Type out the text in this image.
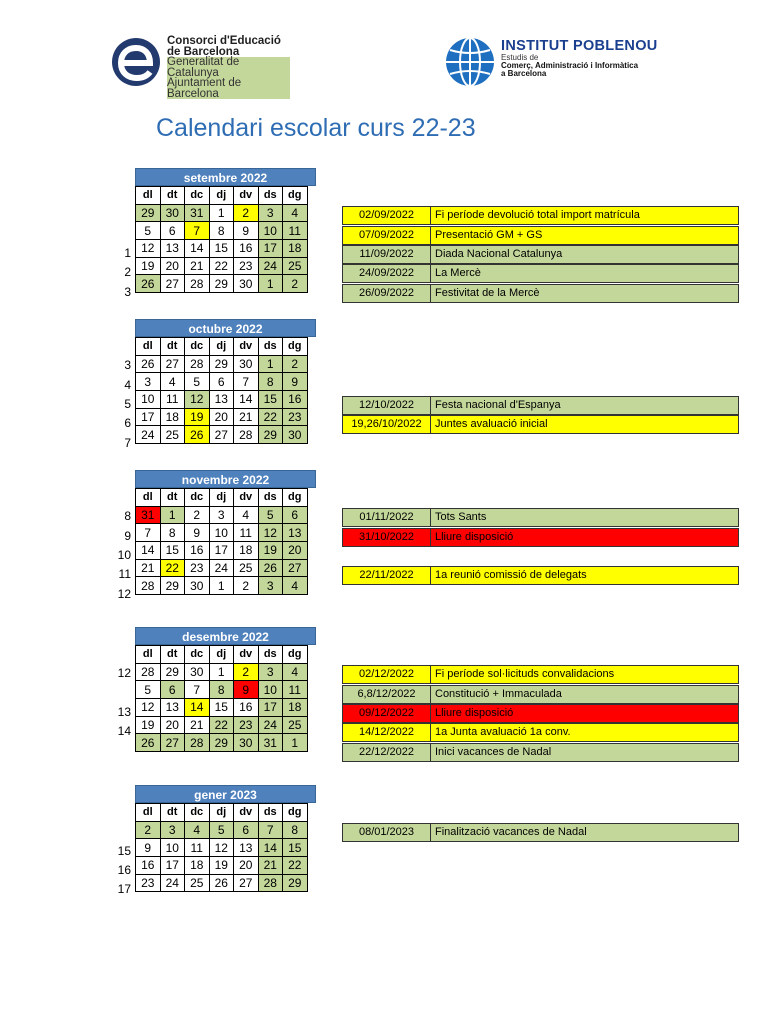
Consorci d'Educació
de Barcelona
Generalitat de Catalunya
Ajuntament de Barcelona
INSTITUT POBLENOU
Estudis de
Comerç, Administració i Informàtica
a Barcelona
Calendari escolar curs 22-23
setembre 2022
1
2
3
dl	dt	dc	dj	dv	ds	dg
29	30	31	1	2	3	4
5	6	7	8	9	10	11
12	13	14	15	16	17	18
19	20	21	22	23	24	25
26	27	28	29	30	1	2
02/09/2022	Fi període devolució total import matrícula
07/09/2022	Presentació GM + GS
11/09/2022	Diada Nacional Catalunya
24/09/2022	La Mercè
26/09/2022	Festivitat de la Mercè
octubre 2022
3
4
5
6
7
dl	dt	dc	dj	dv	ds	dg
26	27	28	29	30	1	2
3	4	5	6	7	8	9
10	11	12	13	14	15	16
17	18	19	20	21	22	23
24	25	26	27	28	29	30
12/10/2022	Festa nacional d'Espanya
19,26/10/2022	Juntes avaluació inicial
novembre 2022
8
9
10
11
12
dl	dt	dc	dj	dv	ds	dg
31	1	2	3	4	5	6
7	8	9	10	11	12	13
14	15	16	17	18	19	20
21	22	23	24	25	26	27
28	29	30	1	2	3	4
01/11/2022	Tots Sants
31/10/2022	Lliure disposició
22/11/2022	1a reunió comissió de delegats
desembre 2022
12
13
14
dl	dt	dc	dj	dv	ds	dg
28	29	30	1	2	3	4
5	6	7	8	9	10	11
12	13	14	15	16	17	18
19	20	21	22	23	24	25
26	27	28	29	30	31	1
02/12/2022	Fi període sol·licituds convalidacions
6,8/12/2022	Constitució + Immaculada
09/12/2022	Lliure disposició
14/12/2022	1a Junta avaluació 1a conv.
22/12/2022	Inici vacances de Nadal
gener 2023
15
16
17
dl	dt	dc	dj	dv	ds	dg
2	3	4	5	6	7	8
9	10	11	12	13	14	15
16	17	18	19	20	21	22
23	24	25	26	27	28	29
08/01/2023	Finalització vacances de Nadal
